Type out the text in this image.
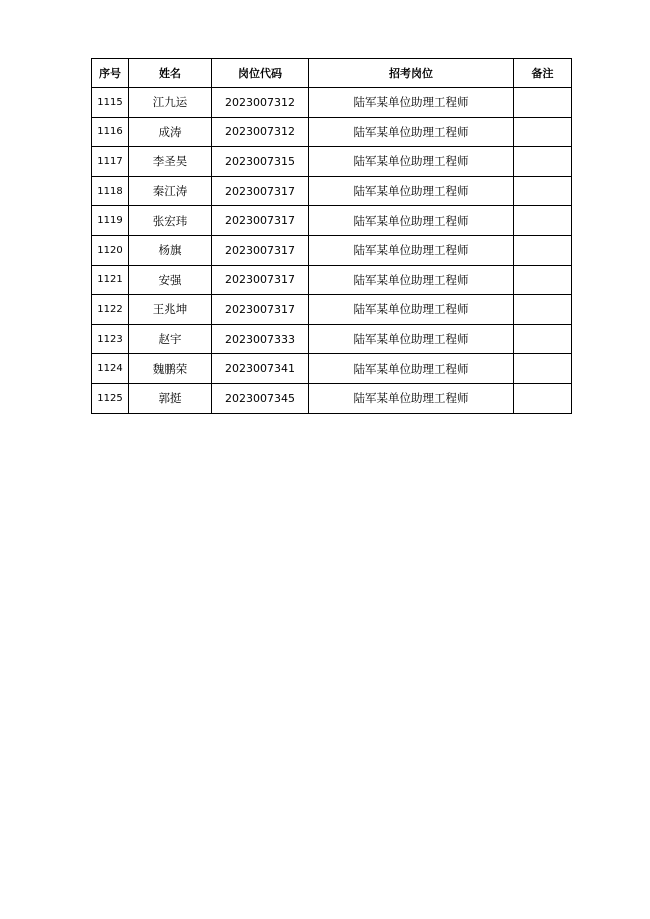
序号	姓名	岗位代码	招考岗位	备注
1115	江九运	2023007312	陆军某单位助理工程师	
1116	成涛	2023007312	陆军某单位助理工程师	
1117	李圣昊	2023007315	陆军某单位助理工程师	
1118	秦江涛	2023007317	陆军某单位助理工程师	
1119	张宏玮	2023007317	陆军某单位助理工程师	
1120	杨旗	2023007317	陆军某单位助理工程师	
1121	安强	2023007317	陆军某单位助理工程师	
1122	王兆坤	2023007317	陆军某单位助理工程师	
1123	赵宇	2023007333	陆军某单位助理工程师	
1124	魏鹏荣	2023007341	陆军某单位助理工程师	
1125	郭挺	2023007345	陆军某单位助理工程师	
